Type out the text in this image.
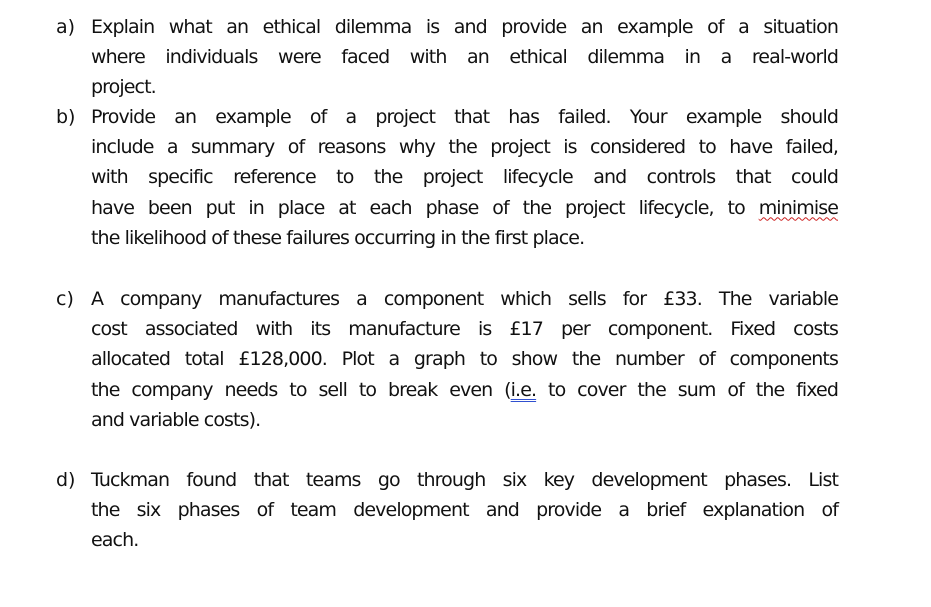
a) Explain what an ethical dilemma is and provide an example of a situation
where individuals were faced with an ethical dilemma in a real-world
project.
b) Provide an example of a project that has failed. Your example should
include a summary of reasons why the project is considered to have failed,
with specific reference to the project lifecycle and controls that could
have been put in place at each phase of the project lifecycle, to minimise
the likelihood of these failures occurring in the first place.
c) A company manufactures a component which sells for £33. The variable
cost associated with its manufacture is £17 per component. Fixed costs
allocated total £128,000. Plot a graph to show the number of components
the company needs to sell to break even (i.e. to cover the sum of the fixed
and variable costs).
d) Tuckman found that teams go through six key development phases. List
the six phases of team development and provide a brief explanation of
each.
